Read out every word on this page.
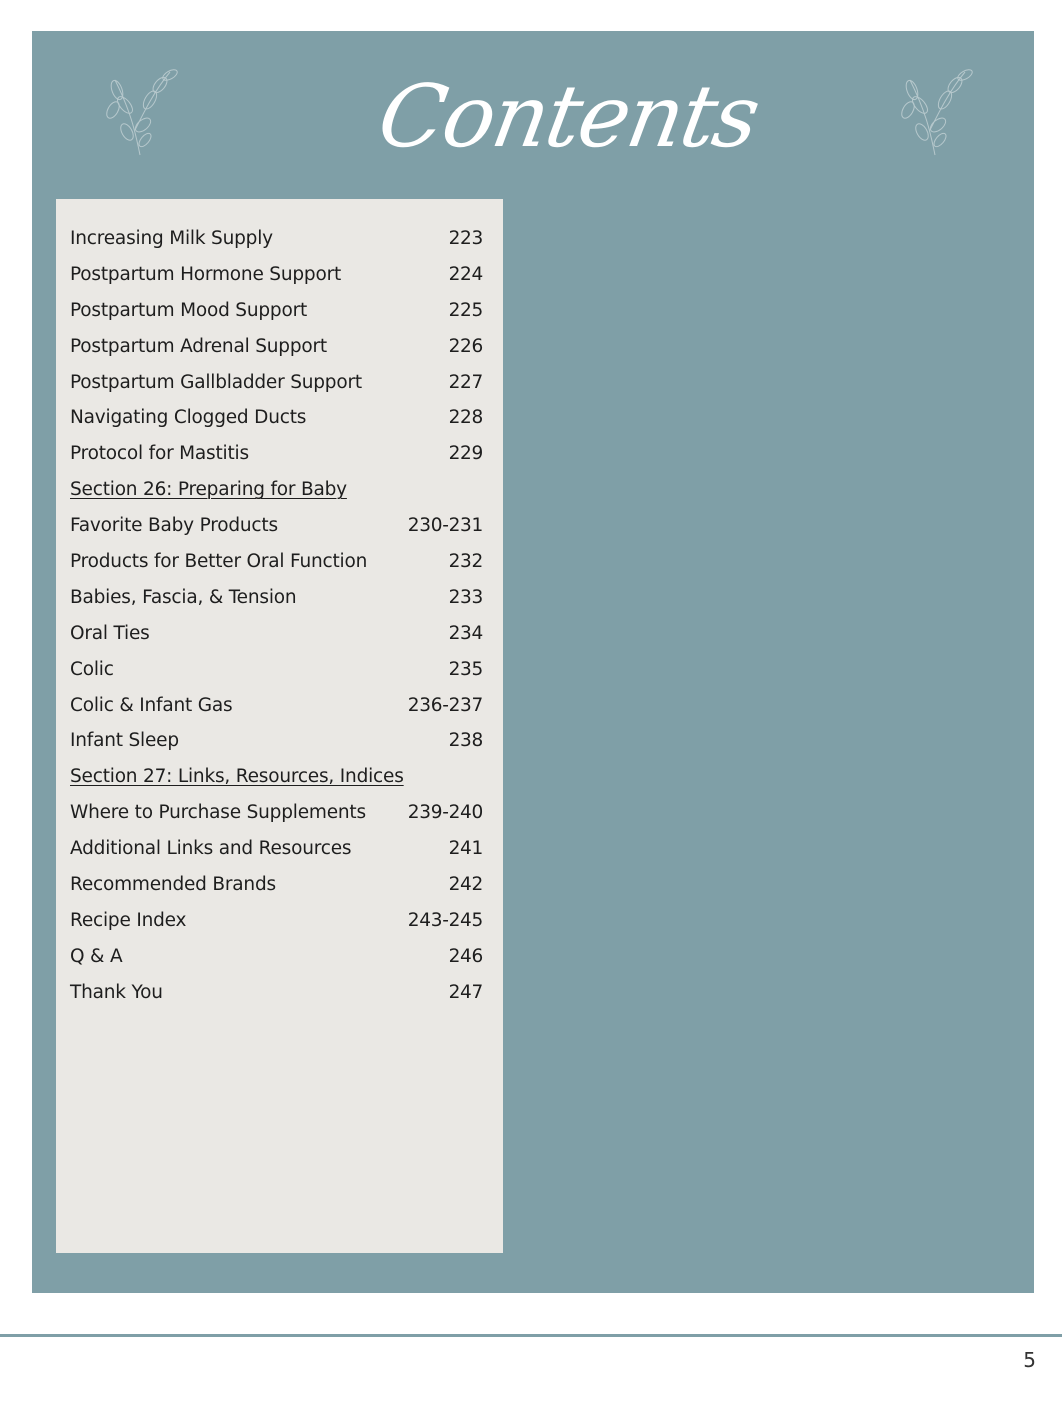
Contents
Increasing Milk Supply	223
Postpartum Hormone Support	224
Postpartum Mood Support	225
Postpartum Adrenal Support	226
Postpartum Gallbladder Support	227
Navigating Clogged Ducts	228
Protocol for Mastitis	229
Section 26: Preparing for Baby
Favorite Baby Products	230-231
Products for Better Oral Function	232
Babies, Fascia, & Tension	233
Oral Ties	234
Colic	235
Colic & Infant Gas	236-237
Infant Sleep	238
Section 27: Links, Resources, Indices
Where to Purchase Supplements 239-240
Additional Links and Resources	241
Recommended Brands	242
Recipe Index	243-245
Q & A	246
Thank You	247
5
